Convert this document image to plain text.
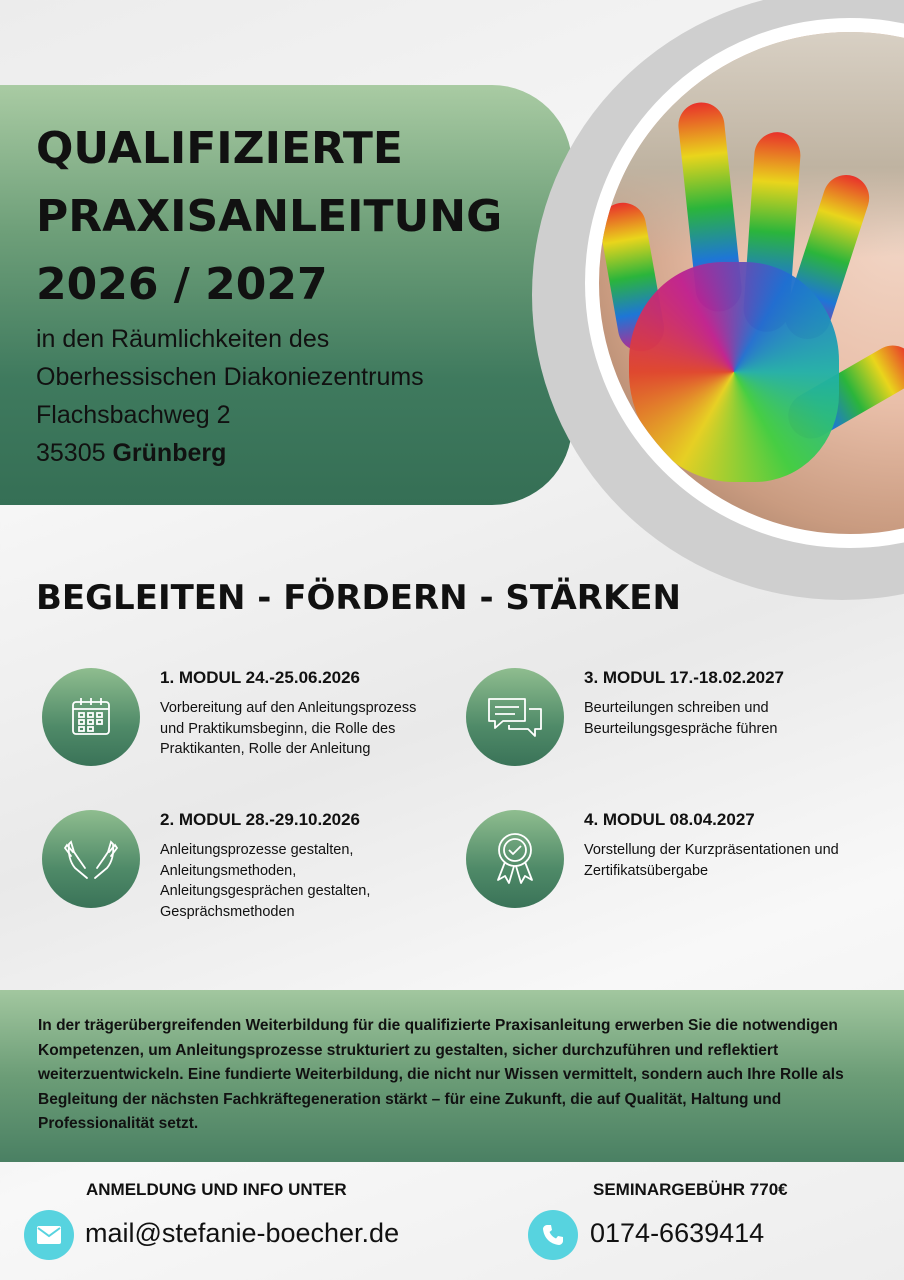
QUALIFIZIERTE
PRAXISANLEITUNG
2026 / 2027
in den Räumlichkeiten des
Oberhessischen Diakoniezentrums
Flachsbachweg 2
35305 Grünberg
BEGLEITEN - FÖRDERN - STÄRKEN
1. MODUL 24.-25.06.2026

Vorbereitung auf den Anleitungsprozess und Praktikumsbeginn, die Rolle des Praktikanten, Rolle der Anleitung

2. MODUL 28.-29.10.2026

Anleitungsprozesse gestalten, Anleitungsmethoden, Anleitungsgesprächen gestalten, Gesprächsmethoden

3. MODUL 17.-18.02.2027

Beurteilungen schreiben und Beurteilungsgespräche führen

4. MODUL 08.04.2027

Vorstellung der Kurzpräsentationen und Zertifikatsübergabe

In der trägerübergreifenden Weiterbildung für die qualifizierte Praxisanleitung erwerben Sie die notwendigen Kompetenzen, um Anleitungsprozesse strukturiert zu gestalten, sicher durchzuführen und reflektiert weiterzuentwickeln. Eine fundierte Weiterbildung, die nicht nur Wissen vermittelt, sondern auch Ihre Rolle als Begleitung der nächsten Fachkräftegeneration stärkt – für eine Zukunft, die auf Qualität, Haltung und Professionalität setzt.

ANMELDUNG UND INFO UNTER	SEMINARGEBÜHR 770€
mail@stefanie-boecher.de	0174-6639414
